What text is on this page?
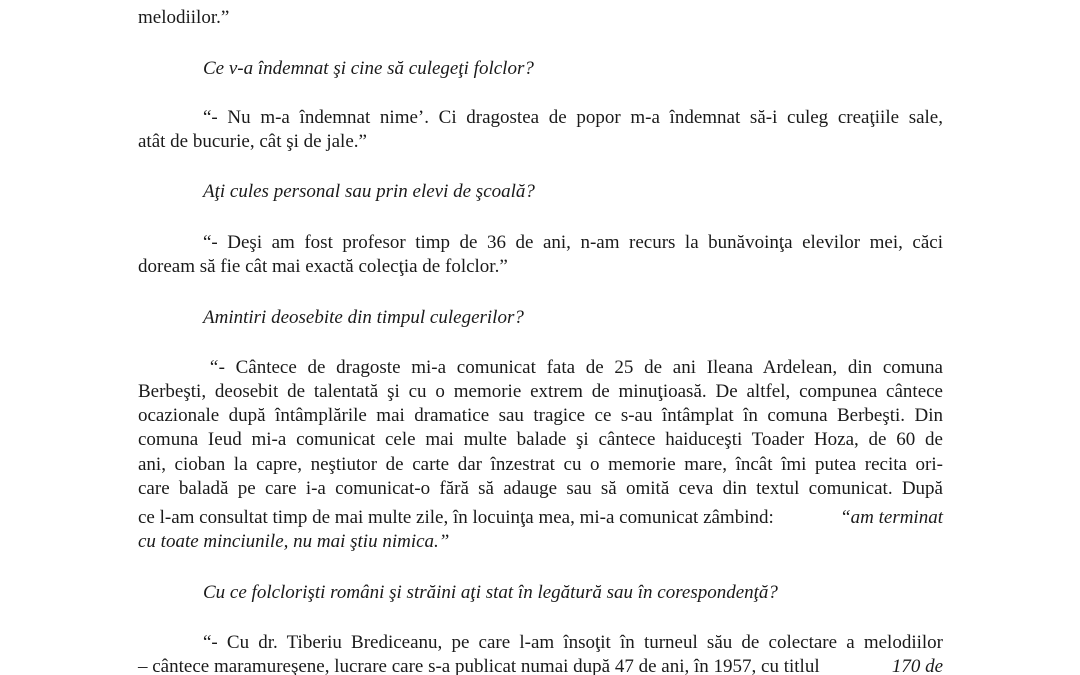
melodiilor.”
Ce v-a îndemnat şi cine să culegeţi folclor?
“- Nu m-a îndemnat nime’. Ci dragostea de popor m-a îndemnat să-i culeg creaţiile sale,
atât de bucurie, cât şi de jale.”
Aţi cules personal sau prin elevi de şcoală?
“- Deşi am fost profesor timp de 36 de ani, n-am recurs la bunăvoinţa elevilor mei, căci
doream să fie cât mai exactă colecţia de folclor.”
Amintiri deosebite din timpul culegerilor?
“ - Cântece de dragoste mi-a comunicat fata de 25 de ani Ileana Ardelean, din comuna
Berbeşti, deosebit de talentată şi cu o memorie extrem de minuţioasă. De altfel, compunea cântece
ocazionale după întâmplările mai dramatice sau tragice ce s-au întâmplat în comuna Berbeşti. Din
comuna Ieud mi-a comunicat cele mai multe balade şi cântece haiduceşti Toader Hoza, de 60 de
ani, cioban la capre, neştiutor de carte dar înzestrat cu o memorie mare, încât îmi putea recita ori-
care baladă pe care i-a comunicat-o fără să adauge sau să omită ceva din textul comunicat. După
ce l-am consultat timp de mai multe zile, în locuinţa mea, mi-a comunicat zâmbind:	“am terminat
cu toate minciunile, nu mai ştiu nimica.”
Cu ce folclorişti români şi străini aţi stat în legătură sau în corespondenţă?
“- Cu dr. Tiberiu Brediceanu, pe care l-am însoţit în turneul său de colectare a melodiilor
– cântece maramureşene, lucrare care s-a publicat numai după 47 de ani, în 1957, cu titlul	170 de
